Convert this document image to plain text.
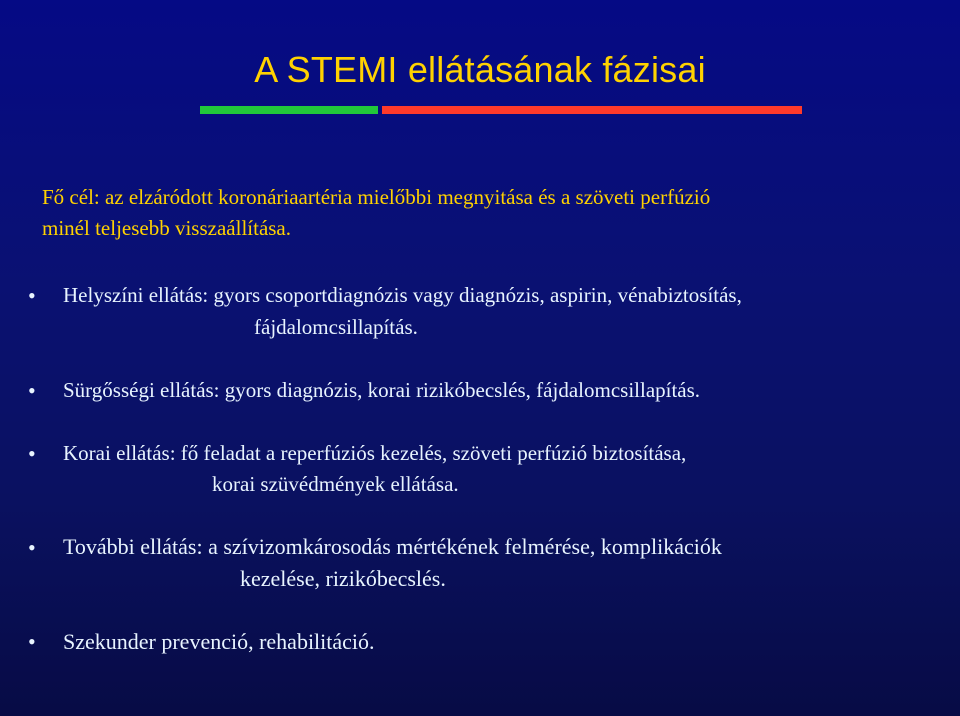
A STEMI ellátásának fázisai
Fő cél: az elzáródott koronáriaartéria mielőbbi megnyitása és a szöveti perfúzió
minél teljesebb visszaállítása.
• Helyszíni ellátás: gyors csoportdiagnózis vagy diagnózis, aspirin, vénabiztosítás,
fájdalomcsillapítás.
• Sürgősségi ellátás: gyors diagnózis, korai rizikóbecslés, fájdalomcsillapítás.
• Korai ellátás: fő feladat a reperfúziós kezelés, szöveti perfúzió biztosítása,
korai szüvédmények ellátása.
• További ellátás: a szívizomkárosodás mértékének felmérése, komplikációk
kezelése, rizikóbecslés.
• Szekunder prevenció, rehabilitáció.
